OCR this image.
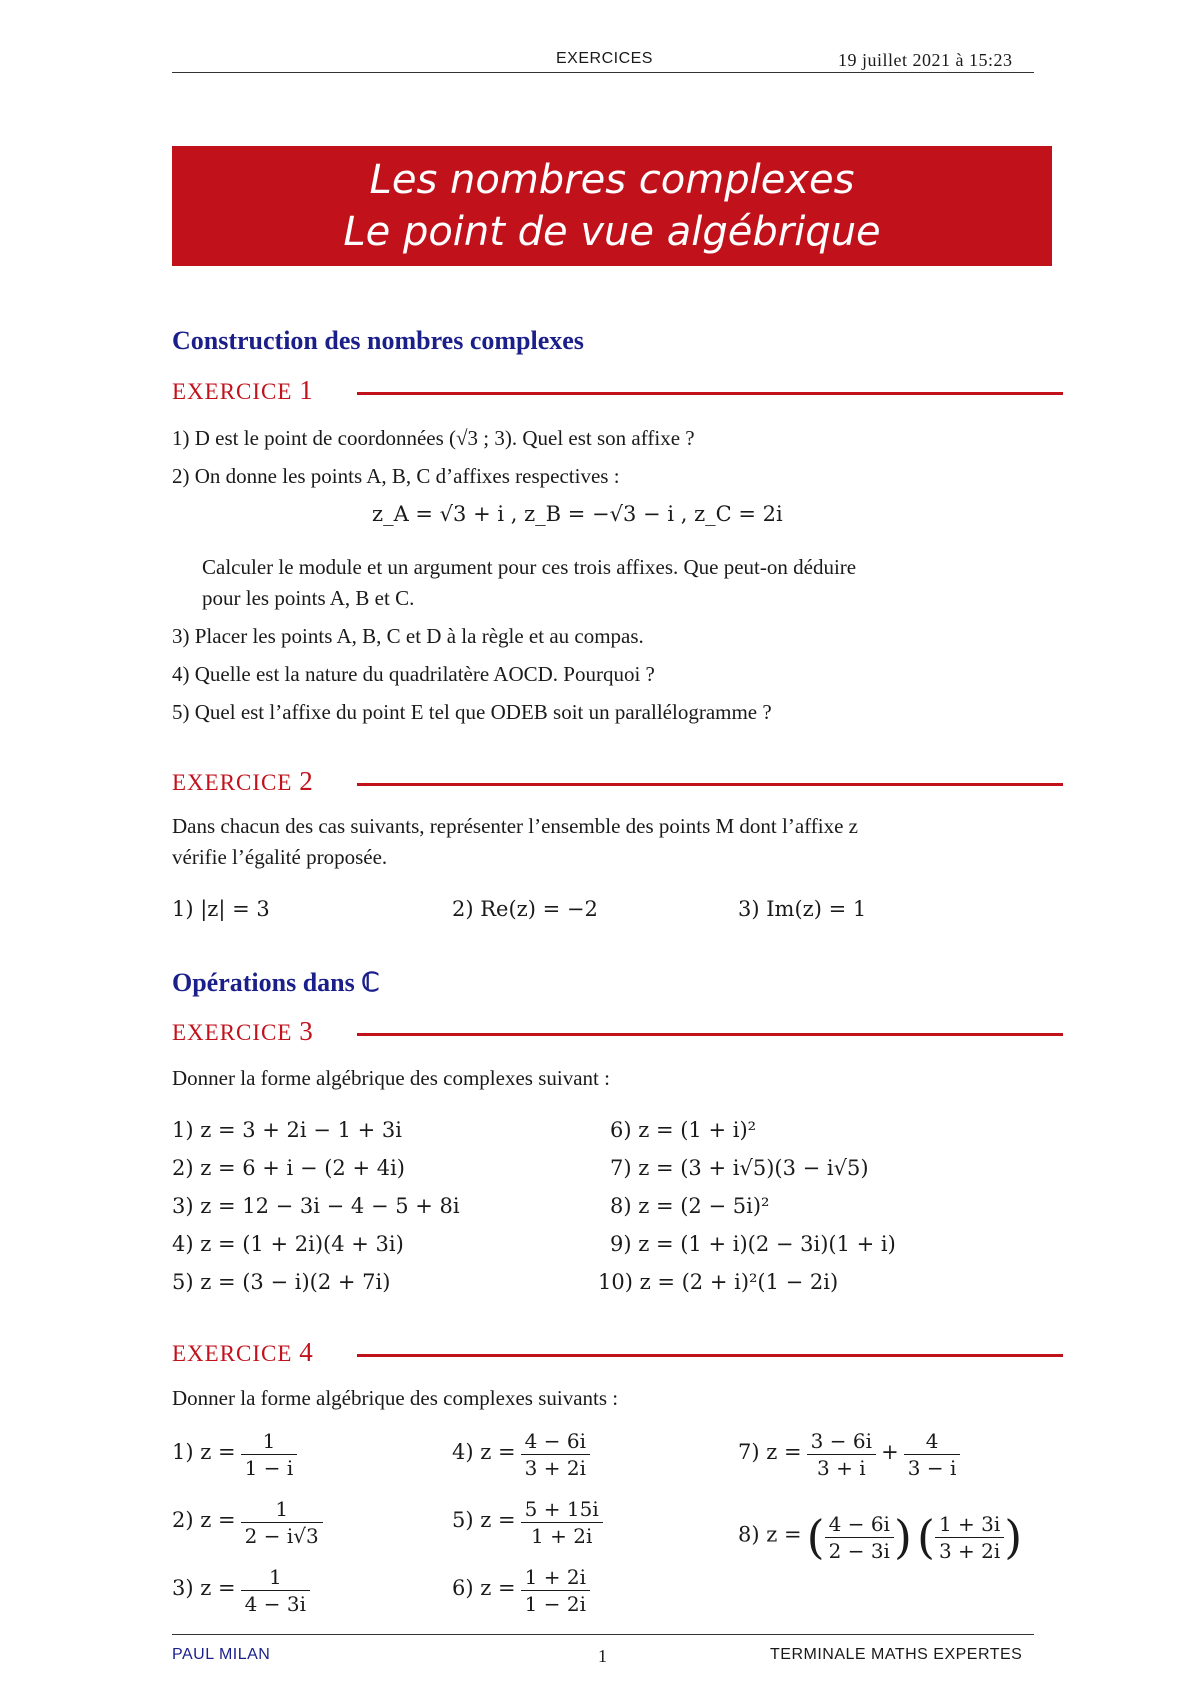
EXERCICES	19 juillet 2021 à 15:23
Les nombres complexes
Le point de vue algébrique
Construction des nombres complexes
EXERCICE 1
1) D est le point de coordonnées (√3 ; 3). Quel est son affixe ?
2) On donne les points A, B, C d’affixes respectives :
z_A = √3 + i , z_B = −√3 − i , z_C = 2i
Calculer le module et un argument pour ces trois affixes. Que peut-on déduire
pour les points A, B et C.
3) Placer les points A, B, C et D à la règle et au compas.
4) Quelle est la nature du quadrilatère AOCD. Pourquoi ?
5) Quel est l’affixe du point E tel que ODEB soit un parallélogramme ?
EXERCICE 2
Dans chacun des cas suivants, représenter l’ensemble des points M dont l’affixe z
vérifie l’égalité proposée.
1) |z| = 3	2) Re(z) = −2	3) Im(z) = 1
Opérations dans ℂ
EXERCICE 3
Donner la forme algébrique des complexes suivant :
1) z = 3 + 2i − 1 + 3i
2) z = 6 + i − (2 + 4i)
3) z = 12 − 3i − 4 − 5 + 8i
4) z = (1 + 2i)(4 + 3i)
5) z = (3 − i)(2 + 7i)
6) z = (1 + i)²
7) z = (3 + i√5)(3 − i√5)
8) z = (2 − 5i)²
9) z = (1 + i)(2 − 3i)(1 + i)
10) z = (2 + i)²(1 − 2i)
EXERCICE 4
Donner la forme algébrique des complexes suivants :
1) $z = \frac{1}{1 - i}$
2) $z = \frac{1}{2 - i√3}$
3) $z = \frac{1}{4 - 3i}$
4) $z = \frac{4 - 6i}{3 + 2i}$
5) $z = \frac{5 + 15i}{1 + 2i}$
6) $z = \frac{1 + 2i}{1 - 2i}$
7) $z = \frac{3 - 6i}{3 + i} + \frac{4}{3 - i}$
8) z = ( $\frac{4 - 6i}{2 - 3i}$ ) ( $\frac{1 + 3i}{3 + 2i}$ )
PAUL MILAN	1	TERMINALE MATHS EXPERTES
